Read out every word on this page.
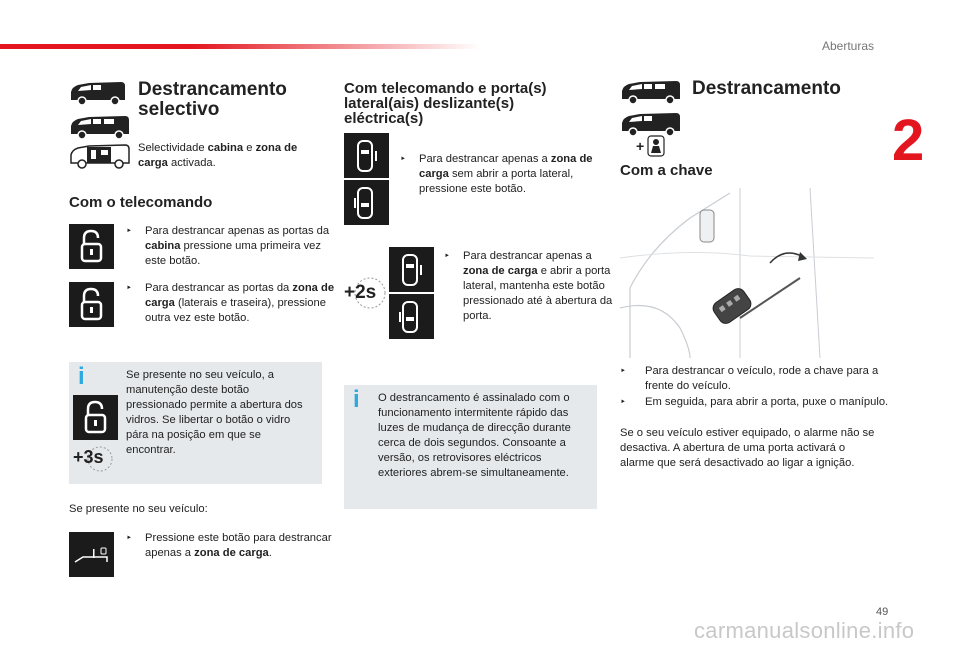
Aberturas
2
Destrancamento selectivo
Selectividade cabina e zona de carga activada.
Com o telecomando
‣ Para destrancar apenas as portas da cabina pressione uma primeira vez este botão.
‣ Para destrancar as portas da zona de carga (laterais e traseira), pressione outra vez este botão.
i
+3s
Se presente no seu veículo, a manutenção deste botão pressionado permite a abertura dos vidros. Se libertar o botão o vidro pára na posição em que se encontrar.
Se presente no seu veículo:
‣ Pressione este botão para destrancar apenas a zona de carga.
Com telecomando e porta(s) lateral(ais) deslizante(s) eléctrica(s)
‣ Para destrancar apenas a zona de carga sem abrir a porta lateral, pressione este botão.
+2s
‣ Para destrancar apenas a zona de carga e abrir a porta lateral, mantenha este botão pressionado até à abertura da porta.
i O destrancamento é assinalado com o funcionamento intermitente rápido das luzes de mudança de direcção durante cerca de dois segundos. Consoante a versão, os retrovisores eléctricos exteriores abrem-se simultaneamente.
+
Destrancamento
Com a chave
‣ Para destrancar o veículo, rode a chave para a frente do veículo.
‣ Em seguida, para abrir a porta, puxe o manípulo.
Se o seu veículo estiver equipado, o alarme não se desactiva. A abertura de uma porta activará o alarme que será desactivado ao ligar a ignição.
49
carmanualsonline.info
